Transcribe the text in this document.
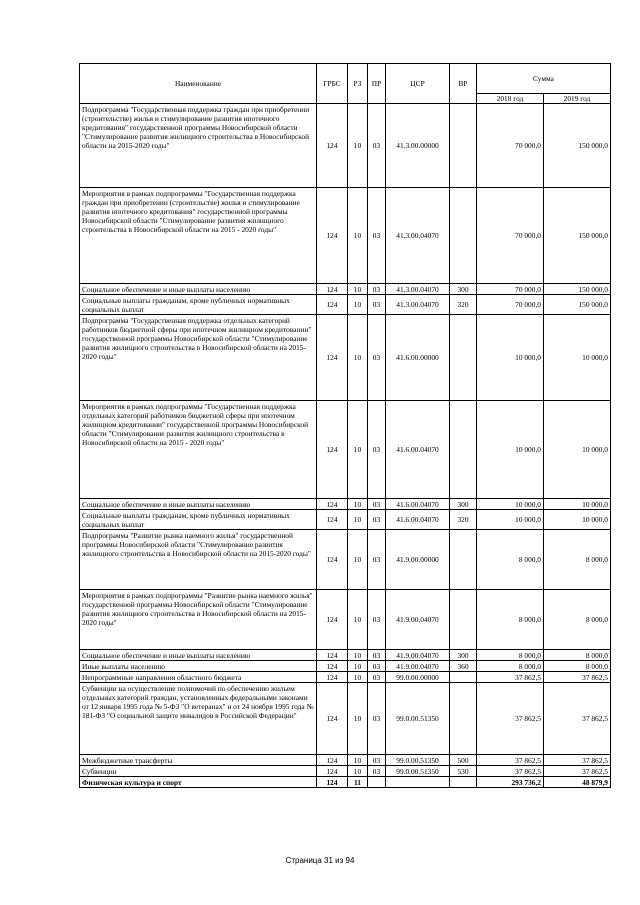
Наименование	ГРБС	РЗ	ПР	ЦСР	ВР	Сумма	
						2018 год	2019 год
Подпрограмма "Государственная поддержка граждан при приобретении (строительстве) жилья и стимулирование развития ипотечного кредитования" государственной программы Новосибирской области "Стимулирование развития жилищного строительства в Новосибирской области на 2015-2020 годы"	124	10	03	41.3.00.00000		70 000,0	150 000,0
Мероприятия в рамках подпрограммы "Государственная поддержка граждан при приобретении (строительстве) жилья и стимулирование развития ипотечного кредитования" государственной программы Новосибирской области "Стимулирование развития жилищного строительства в Новосибирской области на 2015 - 2020 годы"	124	10	03	41.3.00.04070		70 000,0	150 000,0
Социальное обеспечение и иные выплаты населению	124	10	03	41.3.00.04070	300	70 000,0	150 000,0
Социальные выплаты гражданам, кроме публичных нормативных социальных выплат	124	10	03	41.3.00.04070	320	70 000,0	150 000,0
Подпрограмма "Государственная поддержка отдельных категорий работников бюджетной сферы при ипотечном жилищном кредитовании" государственной программы Новосибирской области "Стимулирование развития жилищного строительства в Новосибирской области на 2015-2020 годы"	124	10	03	41.6.00.00000		10 000,0	10 000,0
Мероприятия в рамках подпрограммы "Государственная поддержка отдельных категорий работников бюджетной сферы при ипотечном жилищном кредитовании" государственной программы Новосибирской области "Стимулирование развития жилищного строительства в Новосибирской области на 2015 - 2020 годы"	124	10	03	41.6.00.04070		10 000,0	10 000,0
Социальное обеспечение и иные выплаты населению	124	10	03	41.6.00.04070	300	10 000,0	10 000,0
Социальные выплаты гражданам, кроме публичных нормативных социальных выплат	124	10	03	41.6.00.04070	320	10 000,0	10 000,0
Подпрограмма "Развитие рынка наемного жилья" государственной программы Новосибирской области "Стимулирование развития жилищного строительства в Новосибирской области на 2015-2020 годы"	124	10	03	41.9.00.00000		8 000,0	8 000,0
Мероприятия в рамках подпрограммы "Развитие рынка наемного жилья" государственной программы Новосибирской области "Стимулирование развития жилищного строительства в Новосибирской области на 2015-2020 годы"	124	10	03	41.9.00.04070		8 000,0	8 000,0
Социальное обеспечение и иные выплаты населению	124	10	03	41.9.00.04070	300	8 000,0	8 000,0
Иные выплаты населению	124	10	03	41.9.00.04070	360	8 000,0	8 000,0
Непрограммные направления областного бюджета	124	10	03	99.0.00.00000		37 862,5	37 862,5
Субвенции на осуществление полномочий по обеспечению жильем отдельных категорий граждан, установленных федеральными законами от 12 января 1995 года № 5-ФЗ "О ветеранах" и от 24 ноября 1995 года № 181-ФЗ "О социальной защите инвалидов в Российской Федерации"	124	10	03	99.0.00.51350		37 862,5	37 862,5
Межбюджетные трансферты	124	10	03	99.0.00.51350	500	37 862,5	37 862,5
Субвенции	124	10	03	99.0.00.51350	530	37 862,5	37 862,5
Физическая культура и спорт	124	11				293 736,2	48 879,9
Страница 31 из 94
